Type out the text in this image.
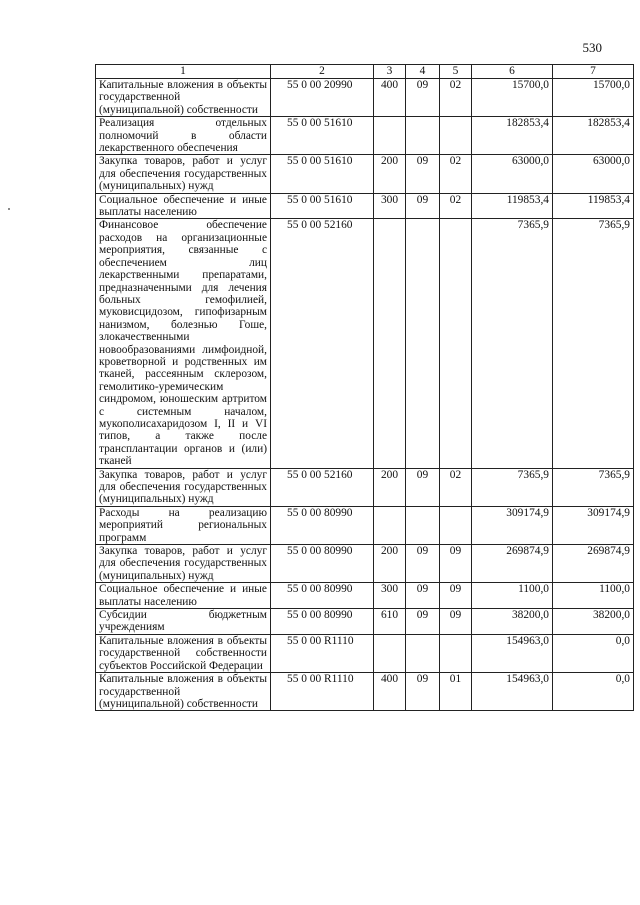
530
1	2	3	4	5	6	7
Капитальные вложения в объекты государственной (муниципальной) собственности	55 0 00 20990	400	09	02	15700,0	15700,0
Реализация отдельных полномочий в области лекарственного обеспечения	55 0 00 51610				182853,4	182853,4
Закупка товаров, работ и услуг для обеспечения государственных (муниципальных) нужд	55 0 00 51610	200	09	02	63000,0	63000,0
Социальное обеспечение и иные выплаты населению	55 0 00 51610	300	09	02	119853,4	119853,4
Финансовое обеспечение расходов на организационные мероприятия, связанные с обеспечением лиц лекарственными препаратами, предназначенными для лечения больных гемофилией, муковисцидозом, гипофизарным нанизмом, болезнью Гоше, злокачественными новообразованиями лимфоидной, кроветворной и родственных им тканей, рассеянным склерозом, гемолитико-уремическим синдромом, юношеским артритом с системным началом, мукополисахаридозом I, II и VI типов, а также после трансплантации органов и (или) тканей	55 0 00 52160				7365,9	7365,9
Закупка товаров, работ и услуг для обеспечения государственных (муниципальных) нужд	55 0 00 52160	200	09	02	7365,9	7365,9
Расходы на реализацию мероприятий региональных программ	55 0 00 80990				309174,9	309174,9
Закупка товаров, работ и услуг для обеспечения государственных (муниципальных) нужд	55 0 00 80990	200	09	09	269874,9	269874,9
Социальное обеспечение и иные выплаты населению	55 0 00 80990	300	09	09	1100,0	1100,0
Субсидии бюджетным учреждениям	55 0 00 80990	610	09	09	38200,0	38200,0
Капитальные вложения в объекты государственной собственности субъектов Российской Федерации	55 0 00 R1110				154963,0	0,0
Капитальные вложения в объекты государственной (муниципальной) собственности	55 0 00 R1110	400	09	01	154963,0	0,0
